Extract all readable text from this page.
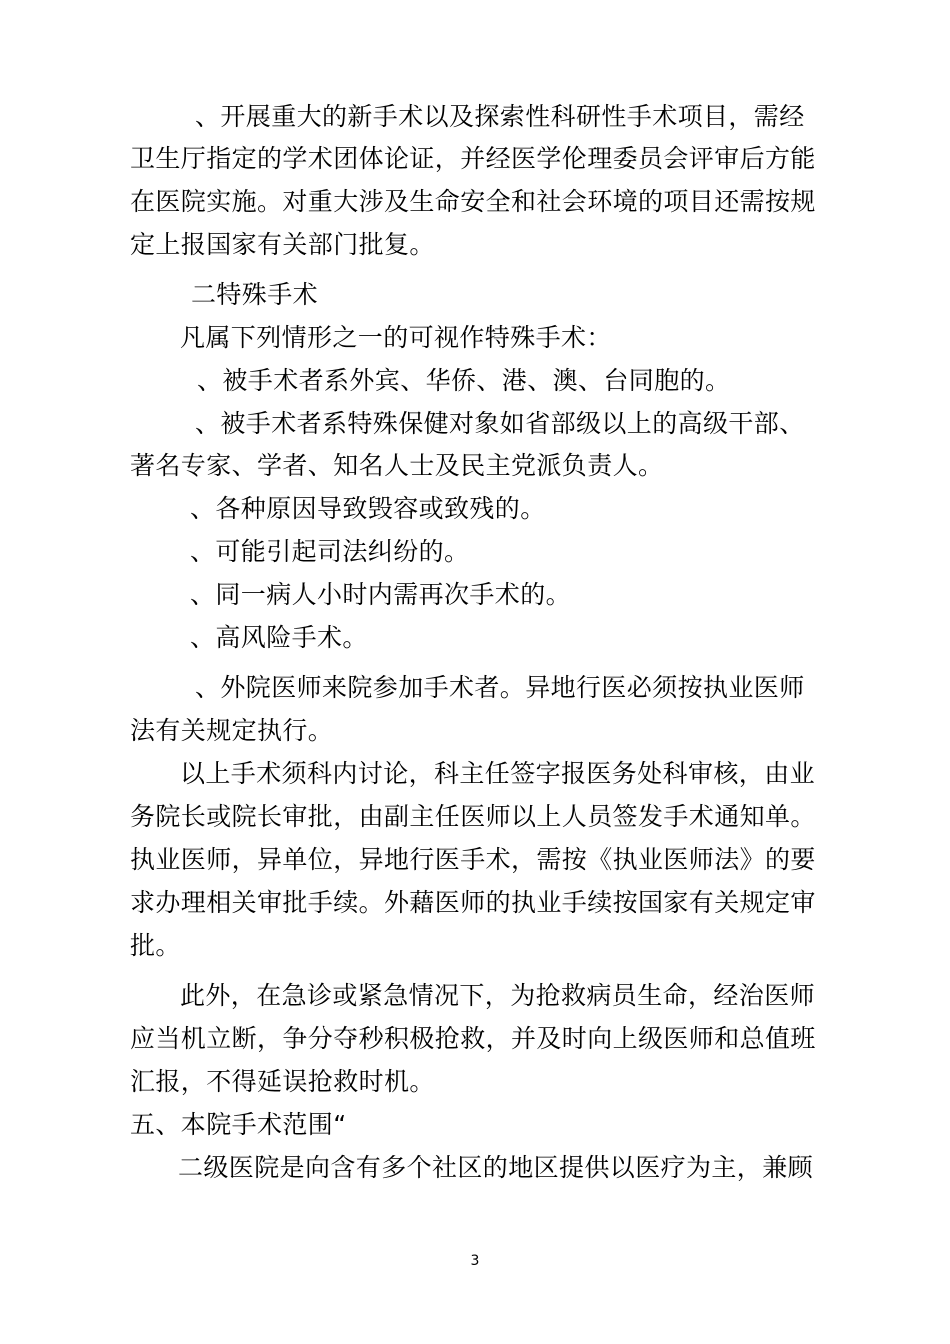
、开展重大的新手术以及探索性科研性手术项目，需经
卫生厅指定的学术团体论证，并经医学伦理委员会评审后方能
在医院实施。对重大涉及生命安全和社会环境的项目还需按规
定上报国家有关部门批复。
二特殊手术
凡属下列情形之一的可视作特殊手术：
、被手术者系外宾、华侨、港、澳、台同胞的。
、被手术者系特殊保健对象如省部级以上的高级干部、
著名专家、学者、知名人士及民主党派负责人。
、各种原因导致毁容或致残的。
、可能引起司法纠纷的。
、同一病人小时内需再次手术的。
、高风险手术。
、外院医师来院参加手术者。异地行医必须按执业医师
法有关规定执行。
以上手术须科内讨论，科主任签字报医务处科审核，由业
务院长或院长审批，由副主任医师以上人员签发手术通知单。
执业医师，异单位，异地行医手术，需按《执业医师法》的要
求办理相关审批手续。外藉医师的执业手续按国家有关规定审
批。
此外，在急诊或紧急情况下，为抢救病员生命，经治医师
应当机立断，争分夺秒积极抢救，并及时向上级医师和总值班
汇报，不得延误抢救时机。
五、本院手术范围“
二级医院是向含有多个社区的地区提供以医疗为主，兼顾
3
